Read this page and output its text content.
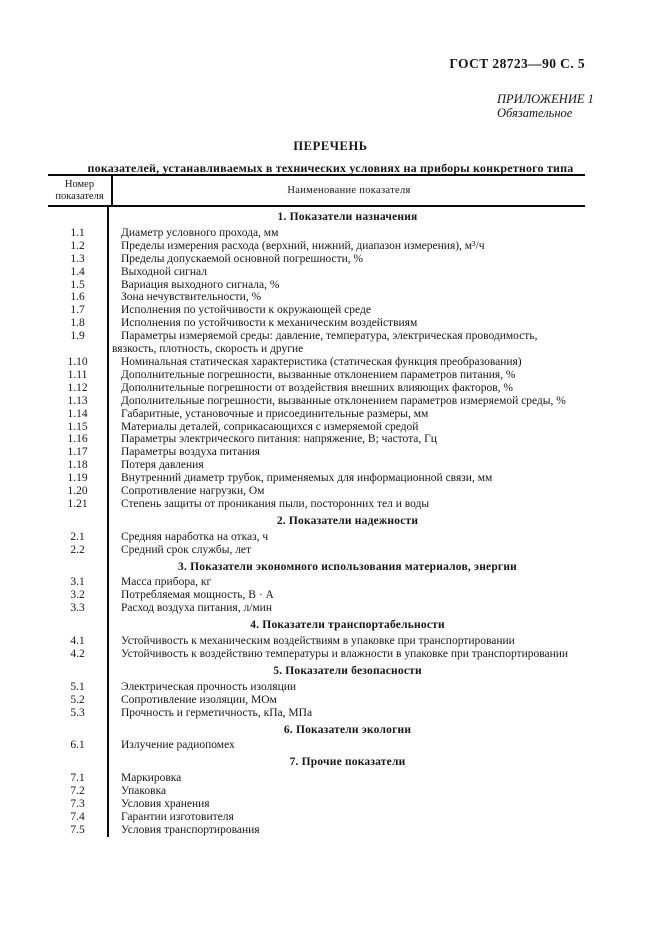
ГОСТ 28723—90 С. 5
ПРИЛОЖЕНИЕ 1
Обязательное
ПЕРЕЧЕНЬ
показателей, устанавливаемых в технических условиях на приборы конкретного типа
Номер показателя
Наименование показателя
1. Показатели назначения
1.1	Диаметр условного прохода, мм
1.2	Пределы измерения расхода (верхний, нижний, диапазон измерения), м³/ч
1.3	Пределы допускаемой основной погрешности, %
1.4	Выходной сигнал
1.5	Вариация выходного сигнала, %
1.6	Зона нечувствительности, %
1.7	Исполнения по устойчивости к окружающей среде
1.8	Исполнения по устойчивости к механическим воздействиям
1.9	Параметры измеряемой среды: давление, температура, электрическая проводимость, вязкость, плотность, скорость и другие
1.10	Номинальная статическая характеристика (статическая функция преобразования)
1.11	Дополнительные погрешности, вызванные отклонением параметров питания, %
1.12	Дополнительные погрешности от воздействия внешних влияющих факторов, %
1.13	Дополнительные погрешности, вызванные отклонением параметров измеряемой среды, %
1.14	Габаритные, установочные и присоединительные размеры, мм
1.15	Материалы деталей, соприкасающихся с измеряемой средой
1.16	Параметры электрического питания: напряжение, В; частота, Гц
1.17	Параметры воздуха питания
1.18	Потеря давления
1.19	Внутренний диаметр трубок, применяемых для информационной связи, мм
1.20	Сопротивление нагрузки, Ом
1.21	Степень защиты от проникания пыли, посторонних тел и воды
2. Показатели надежности
2.1	Средняя наработка на отказ, ч
2.2	Средний срок службы, лет
3. Показатели экономного использования материалов, энергии
3.1	Масса прибора, кг
3.2	Потребляемая мощность, В · А
3.3	Расход воздуха питания, л/мин
4. Показатели транспортабельности
4.1	Устойчивость к механическим воздействиям в упаковке при транспортировании
4.2	Устойчивость к воздействию температуры и влажности в упаковке при транспортировании
5. Показатели безопасности
5.1	Электрическая прочность изоляции
5.2	Сопротивление изоляции, МОм
5.3	Прочность и герметичность, кПа, МПа
6. Показатели экологии
6.1	Излучение радиопомех
7. Прочие показатели
7.1	Маркировка
7.2	Упаковка
7.3	Условия хранения
7.4	Гарантии изготовителя
7.5	Условия транспортирования
